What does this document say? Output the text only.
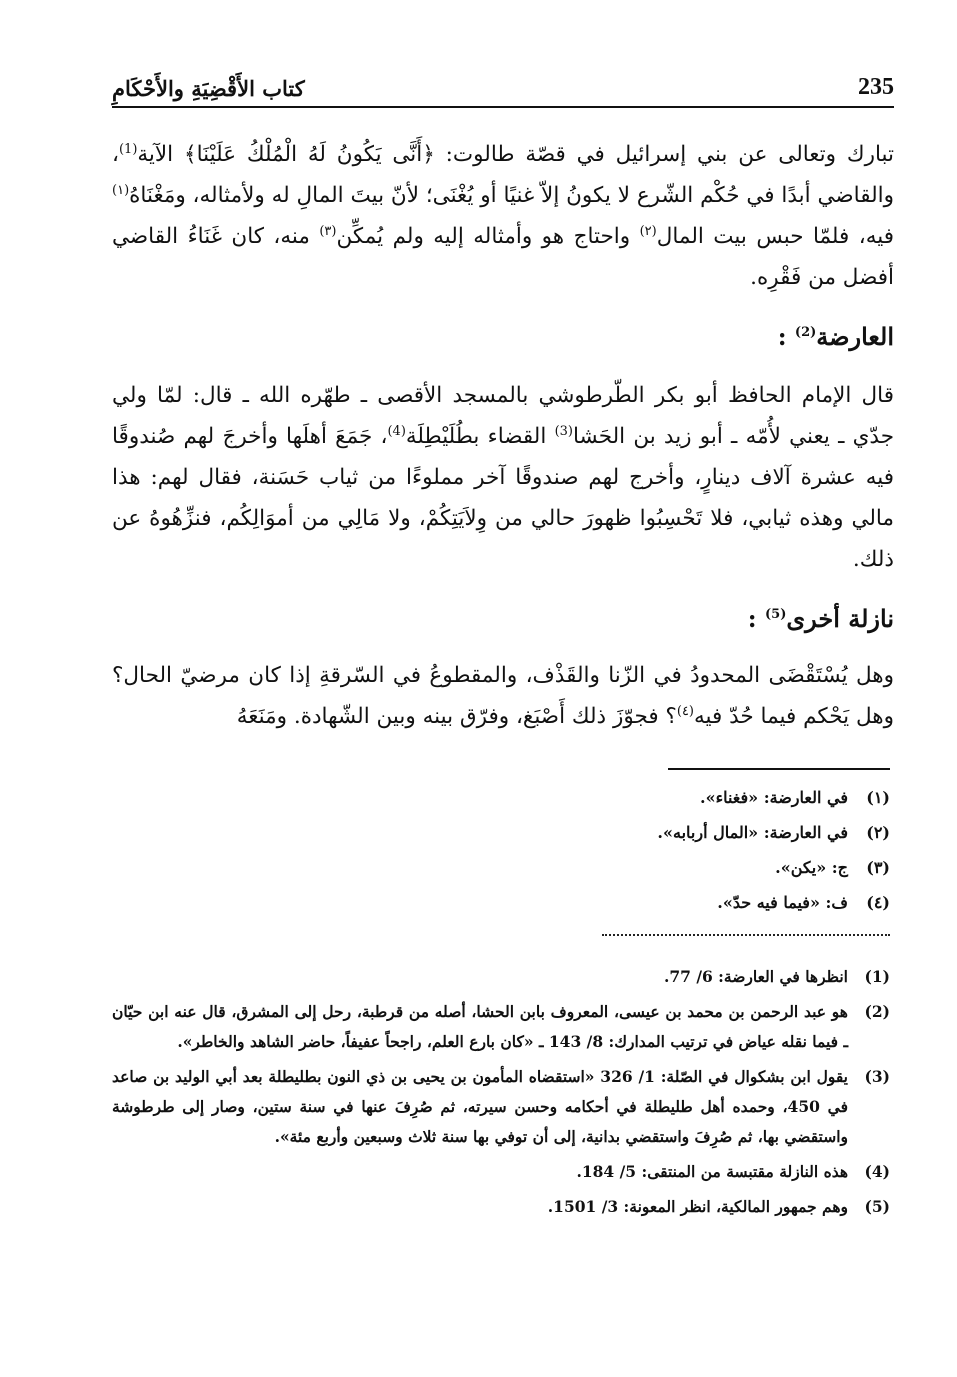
235
كتاب الأَقْضِيَةِ والأَحْكَامِ

تبارك وتعالى عن بني إسرائيل في قصّة طالوت: ﴿أَنَّى يَكُونُ لَهُ الْمُلْكُ عَلَيْنَا﴾ الآية$^{(1)}$، والقاضي أبدًا في حُكْم الشّرع لا يكونُ إلاّ غنيًا أو يُغْنَى؛ لأنّ بيتَ المالِ له ولأمثاله، ومَغْنَاهُ$^{(١)}$ فيه، فلمّا حبس بيت المال$^{(٢)}$ واحتاج هو وأمثاله إليه ولم يُمكِّن$^{(٣)}$ منه، كان غَنَاءُ القاضي أفضل من فَقْرِه.

العارضة$^{(2)}$ :

قال الإمام الحافظ أبو بكر الطّرطوشي بالمسجد الأقصى ـ طهّره الله ـ قال: لمّا ولي جدّي ـ يعني لأُمّه ـ أبو زيد بن الحَشا$^{(3)}$ القضاء بطُلَيْطِلَة$^{(4)}$، جَمَعَ أهلَها وأخرجَ لهم صُندوقًا فيه عشرة آلاف دينارٍ، وأخرج لهم صندوقًا آخر مملوءًا من ثياب حَسَنة، فقال لهم: هذا مالي وهذه ثيابي، فلا تَحْسِبُوا ظهورَ حالي من وِلاَيَتِكُمْ، ولا مَالِي من أموَالِكُم، فنزِّهُوهُ عن ذلك.

نازلة أخرى$^{(5)}$ :

وهل يُسْتَقْضَى المحدودُ في الزّنا والقَذْف، والمقطوعُ في السّرقةِ إذا كان مرضيّ الحال؟ وهل يَحْكم فيما حُدّ فيه$^{(٤)}$؟ فجوّزَ ذلك أَصْبَغ، وفرّق بينه وبين الشّهادة. ومَنَعَهُ

(١)في العارضة: «فغناء».
(٢)في العارضة: «المال أربابه».
(٣)ج: «يكن».
(٤)ف: «فيما فيه حدّ».
(1)
انظرها في العارضة: 6/ 77.
(2)
هو عبد الرحمن بن محمد بن عيسى، المعروف بابن الحشا، أصله من قرطبة، رحل إلى المشرق، قال عنه ابن حيّان ـ فيما نقله عياض في ترتيب المدارك: 8/ 143 ـ «كان بارع العلم، راجحاً عفيفاً، حاضر الشاهد والخاطر».
(3)
يقول ابن بشكوال في الصّلة: 1/ 326 «استقضاه المأمون بن يحيى بن ذي النون بطليطلة بعد أبي الوليد بن صاعد في 450، وحمده أهل طليطلة في أحكامه وحسن سيرته، ثم صُرِفَ عنها في سنة ستين، وصار إلى طرطوشة واستقضي بها، ثم صُرِفَ واستقضي بدانية، إلى أن توفي بها سنة ثلاث وسبعين وأربع مئة».
(4)
هذه النازلة مقتبسة من المنتقى: 5/ 184.
(5)
وهم جمهور المالكية، انظر المعونة: 3/ 1501.
